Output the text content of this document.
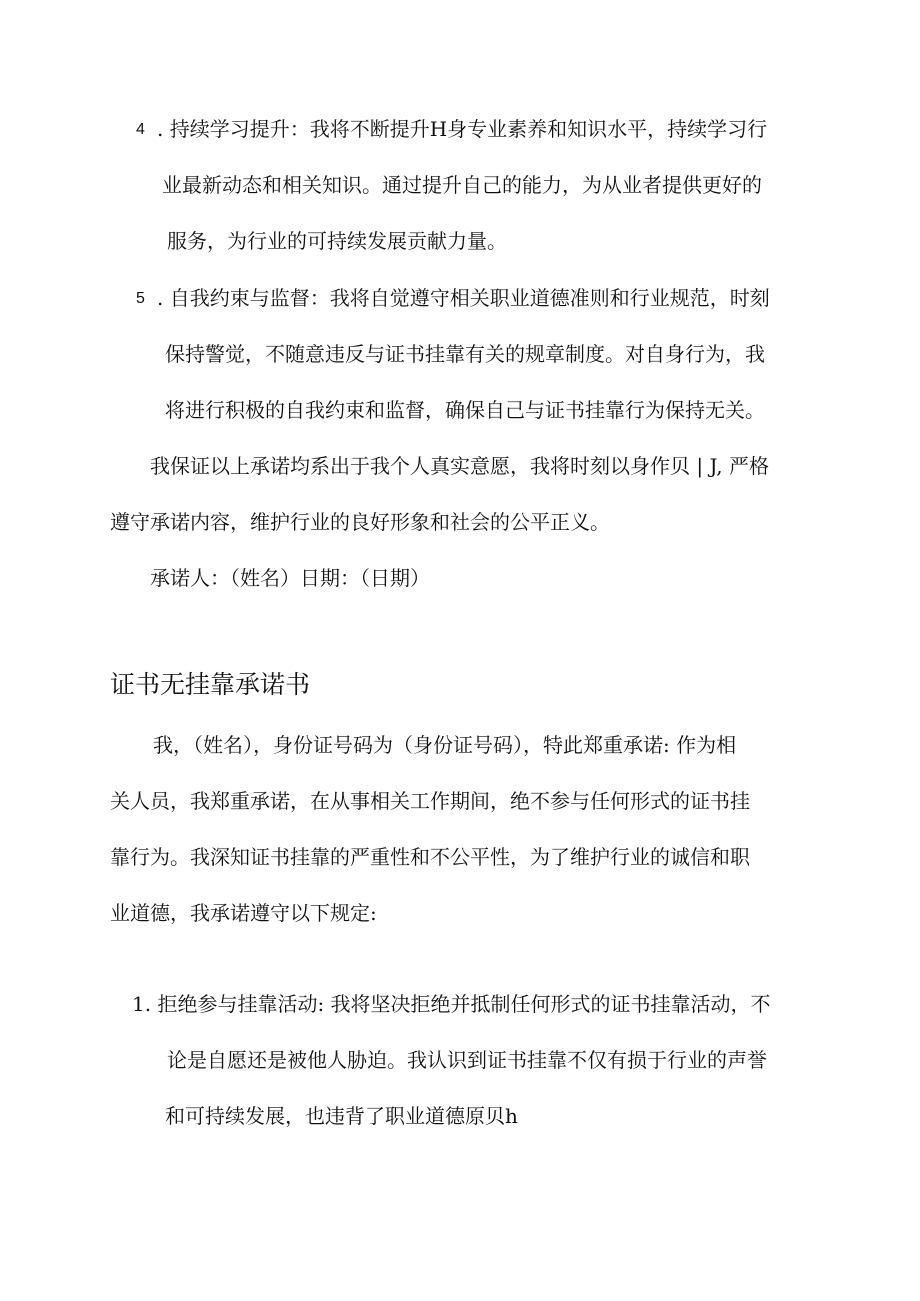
4 . 持续学习提升：我将不断提升H身专业素养和知识水平，持续学习行
业最新动态和相关知识。通过提升自己的能力，为从业者提供更好的
服务，为行业的可持续发展贡献力量。
5 . 自我约束与监督：我将自觉遵守相关职业道德准则和行业规范，时刻
保持警觉，不随意违反与证书挂靠有关的规章制度。对自身行为，我
将进行积极的自我约束和监督，确保自己与证书挂靠行为保持无关。
我保证以上承诺均系出于我个人真实意愿，我将时刻以身作贝 | J, 严格
遵守承诺内容，维护行业的良好形象和社会的公平正义。
承诺人：（姓名）日期：（日期）
证书无挂靠承诺书
我，（姓名），身份证号码为（身份证号码），特此郑重承诺: 作为相
关人员，我郑重承诺，在从事相关工作期间，绝不参与任何形式的证书挂
靠行为。我深知证书挂靠的严重性和不公平性，为了维护行业的诚信和职
业道德，我承诺遵守以下规定:
1. 拒绝参与挂靠活动: 我将坚决拒绝并抵制任何形式的证书挂靠活动，不
论是自愿还是被他人胁迫。我认识到证书挂靠不仅有损于行业的声誉
和可持续发展，也违背了职业道德原贝h
